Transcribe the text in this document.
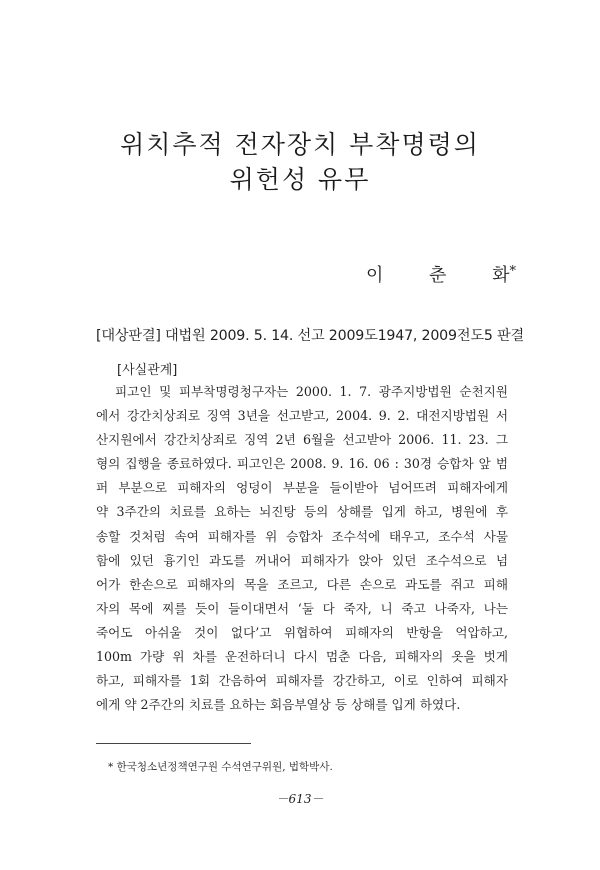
위치추적 전자장치 부착명령의
위헌성 유무
이	춘	화*
[대상판결] 대법원 2009. 5. 14. 선고 2009도1947, 2009전도5 판결
[사실관계]
피고인 및 피부착명령청구자는 2000. 1. 7. 광주지방법원 순천지원
에서 강간치상죄로 징역 3년을 선고받고, 2004. 9. 2. 대전지방법원 서
산지원에서 강간치상죄로 징역 2년 6월을 선고받아 2006. 11. 23. 그
형의 집행을 종료하였다. 피고인은 2008. 9. 16. 06 : 30경 승합차 앞 범
퍼 부분으로 피해자의 엉덩이 부분을 들이받아 넘어뜨려 피해자에게
약 3주간의 치료를 요하는 뇌진탕 등의 상해를 입게 하고, 병원에 후
송할 것처럼 속여 피해자를 위 승합차 조수석에 태우고, 조수석 사물
함에 있던 흉기인 과도를 꺼내어 피해자가 앉아 있던 조수석으로 넘
어가 한손으로 피해자의 목을 조르고, 다른 손으로 과도를 쥐고 피해
자의 목에 찌를 듯이 들이대면서 ‘둘 다 죽자, 니 죽고 나죽자, 나는
죽어도 아쉬울 것이 없다’고 위협하여 피해자의 반항을 억압하고,
100m 가량 위 차를 운전하더니 다시 멈춘 다음, 피해자의 옷을 벗게
하고, 피해자를 1회 간음하여 피해자를 강간하고, 이로 인하여 피해자
에게 약 2주간의 치료를 요하는 회음부열상 등 상해를 입게 하였다.
* 한국청소년정책연구원 수석연구위원, 법학박사.
－613－
